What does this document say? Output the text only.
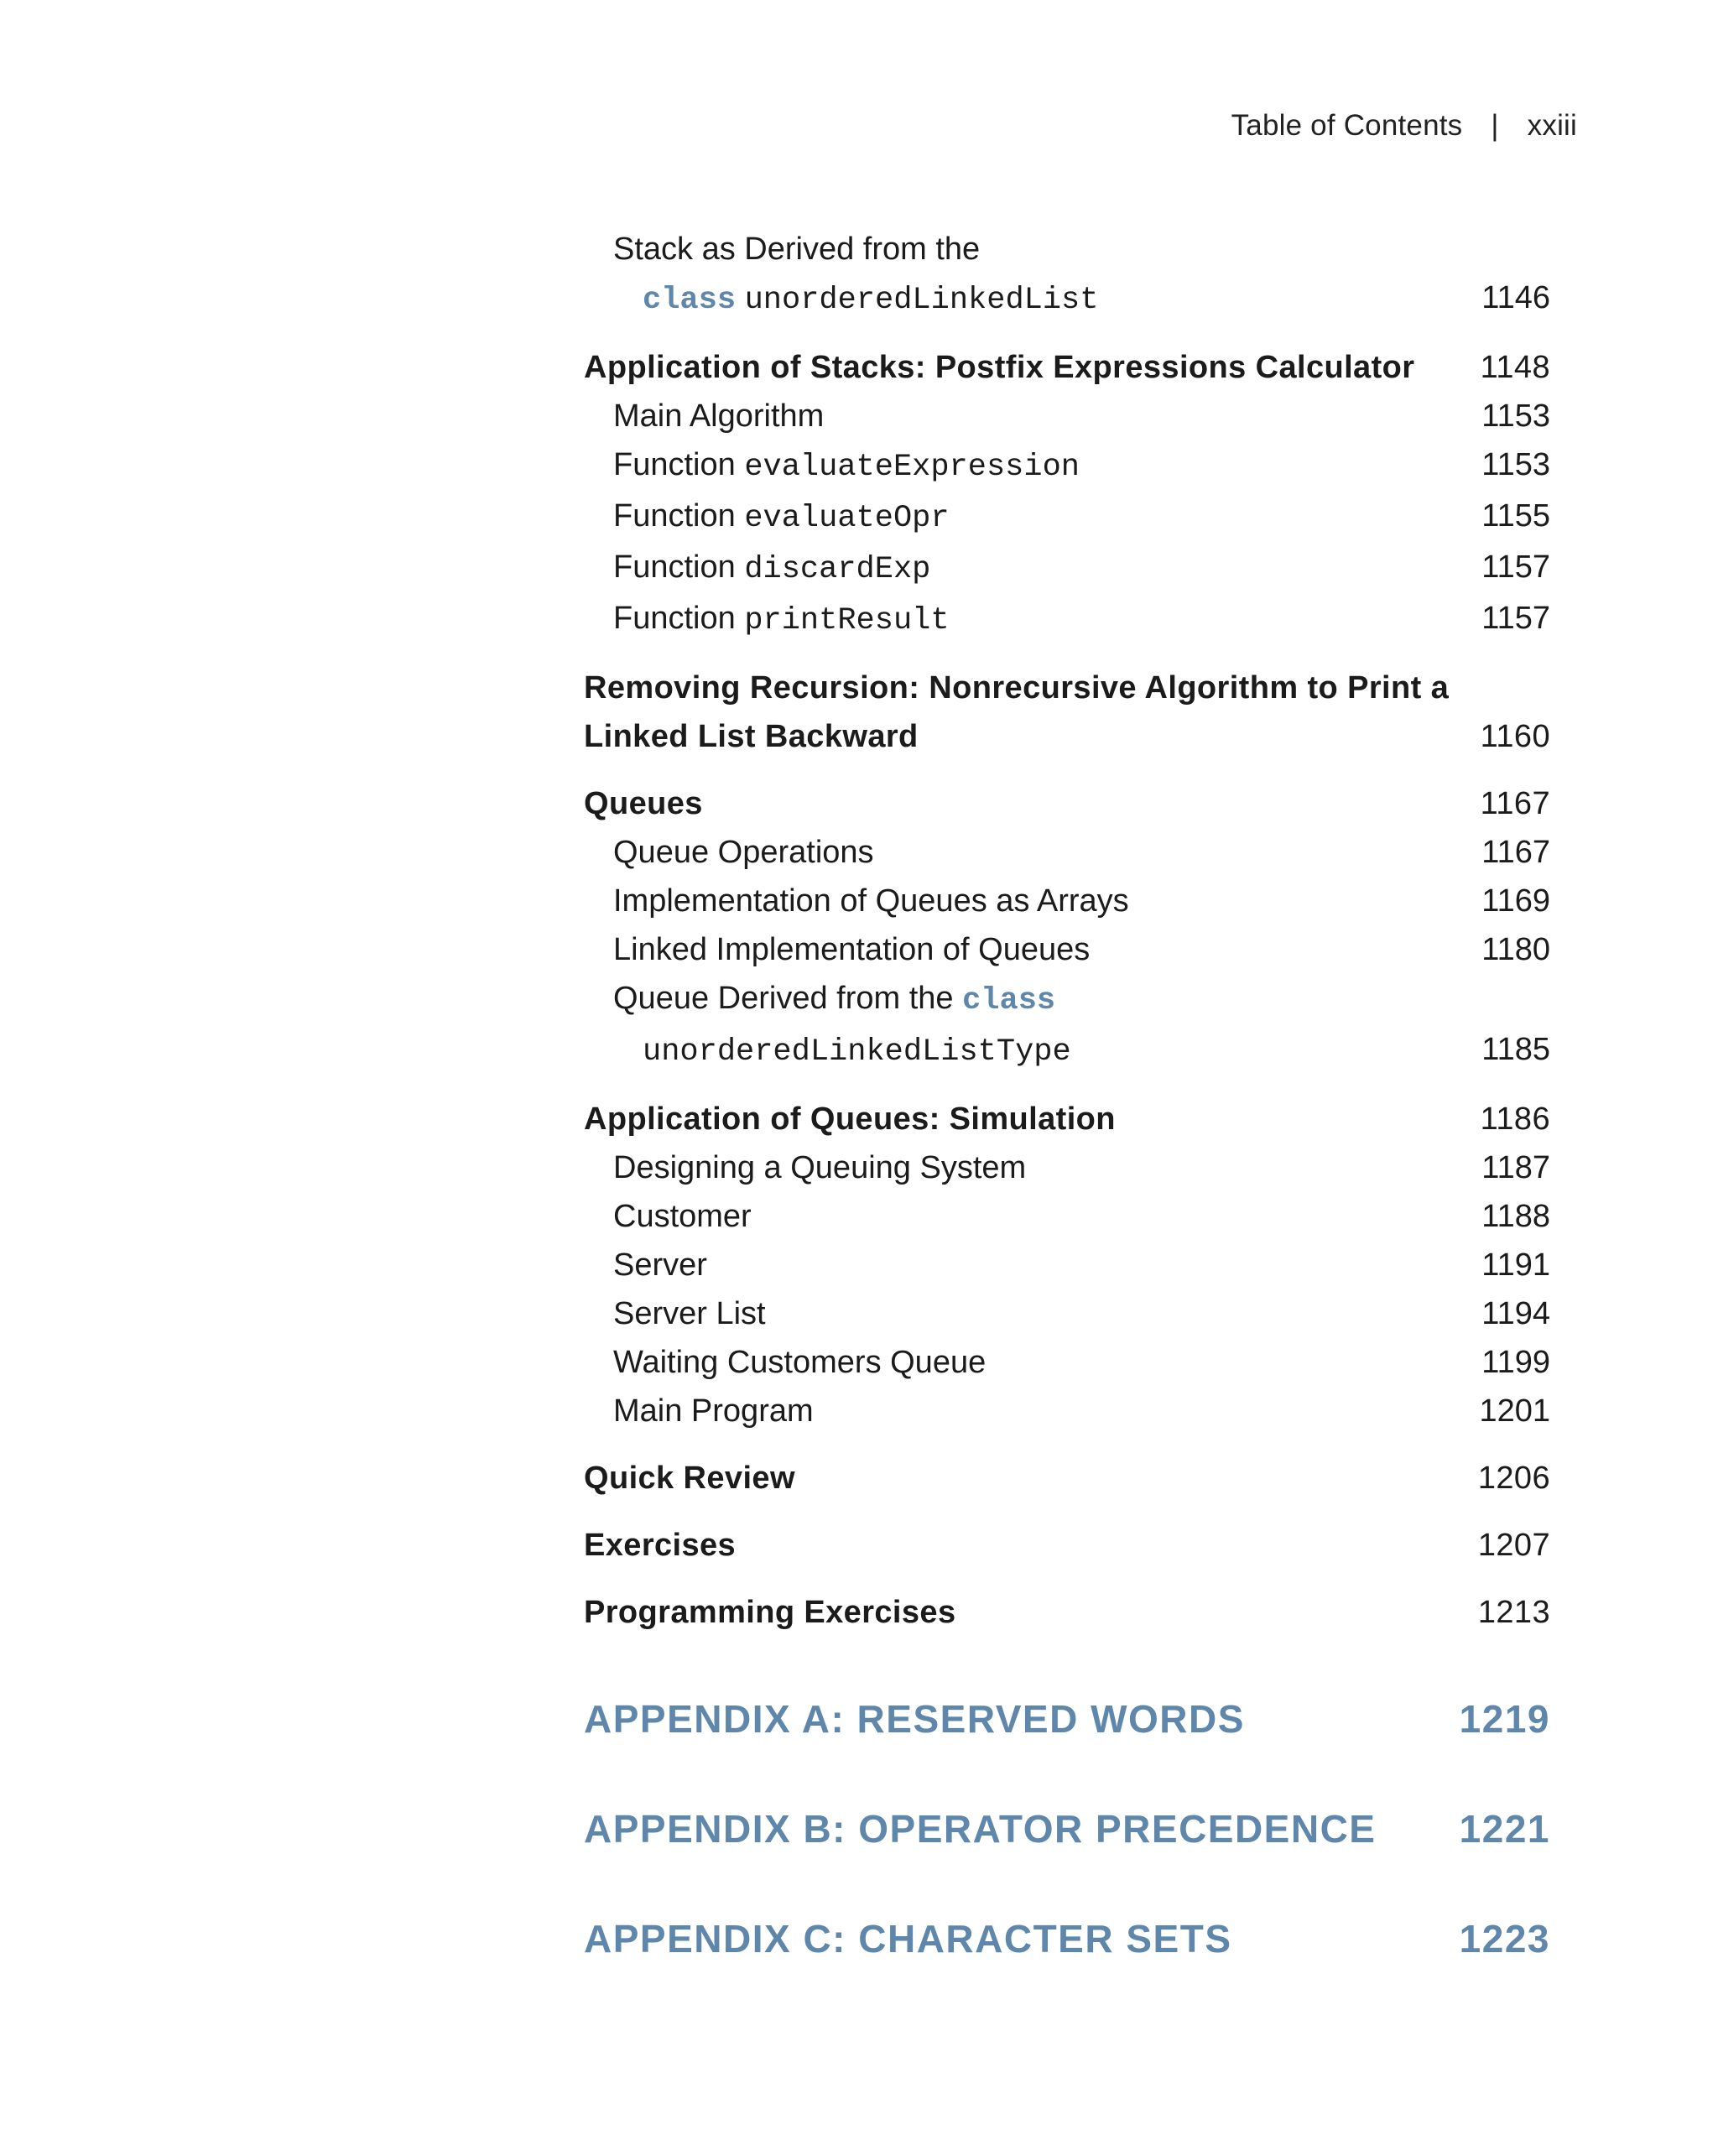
Table of Contents | xxiii
Stack as Derived from the
class unorderedLinkedList	1146
Application of Stacks: Postfix Expressions Calculator 1148
Main Algorithm	1153
Function evaluateExpression	1153
Function evaluateOpr	1155
Function discardExp	1157
Function printResult	1157
Removing Recursion: Nonrecursive Algorithm to Print a
Linked List Backward	1160
Queues	1167
Queue Operations	1167
Implementation of Queues as Arrays	1169
Linked Implementation of Queues	1180
Queue Derived from the class
unorderedLinkedListType	1185
Application of Queues: Simulation	1186
Designing a Queuing System	1187
Customer	1188
Server	1191
Server List	1194
Waiting Customers Queue	1199
Main Program	1201
Quick Review	1206
Exercises	1207
Programming Exercises	1213
APPENDIX A: RESERVED WORDS	1219
APPENDIX B: OPERATOR PRECEDENCE 1221
APPENDIX C: CHARACTER SETS	1223
